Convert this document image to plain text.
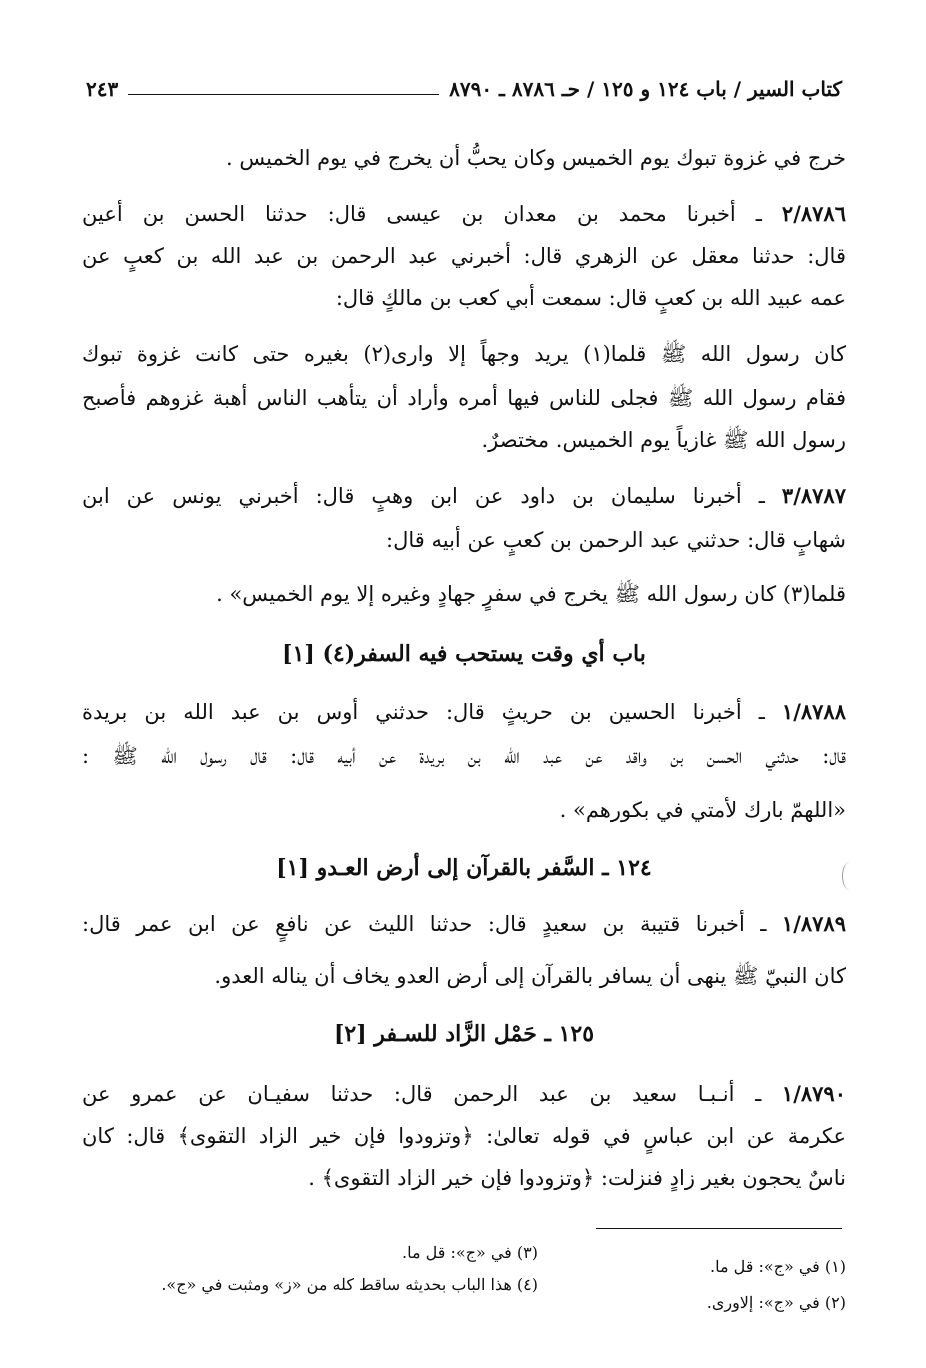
كتاب السير / باب ١٢٤ و ١٢٥ / حـ ٨٧٨٦ ـ ٨٧٩٠
٢٤٣
خرج في غزوة تبوك يوم الخميس وكان يحبُّ أن يخرج في يوم الخميس .
٢/٨٧٨٦ ـ أخبرنا محمد بن معدان بن عيسى قال: حدثنا الحسن بن أعين
قال: حدثنا معقل عن الزهري قال: أخبرني عبد الرحمن بن عبد الله بن كعبٍ عن
عمه عبيد الله بن كعبٍ قال: سمعت أبي كعب بن مالكٍ قال:
كان رسول الله ﷺ قلما(١) يريد وجهاً إلا وارى(٢) بغيره حتى كانت غزوة تبوك
فقام رسول الله ﷺ فجلى للناس فيها أمره وأراد أن يتأهب الناس أهبة غزوهم فأصبح
رسول الله ﷺ غازياً يوم الخميس. مختصرٌ.
٣/٨٧٨٧ ـ أخبرنا سليمان بن داود عن ابن وهبٍ قال: أخبرني يونس عن ابن
شهابٍ قال: حدثني عبد الرحمن بن كعبٍ عن أبيه قال:
قلما(٣) كان رسول الله ﷺ يخرج في سفرٍ جهادٍ وغيره إلا يوم الخميس» .
باب أي وقت يستحب فيه السفر(٤) [١]
١/٨٧٨٨ ـ أخبرنا الحسين بن حريثٍ قال: حدثني أوس بن عبد الله بن بريدة
قال: حدثني الحسن بن واقد عن عبد الله بن بريدة عن أبيه قال: قال رسول الله ﷺ :
«اللهمّ بارك لأمتي في بكورهم» .
١٢٤ ـ السَّفر بالقرآن إلى أرض العـدو [١]
١/٨٧٨٩ ـ أخبرنا قتيبة بن سعيدٍ قال: حدثنا الليث عن نافعٍ عن ابن عمر قال:
كان النبيّ ﷺ ينهى أن يسافر بالقرآن إلى أرض العدو يخاف أن يناله العدو.
١٢٥ ـ حَمْل الزَّاد للسـفر [٢]
١/٨٧٩٠ ـ أنـبـا سعيد بن عبد الرحمن قال: حدثنا سفيـان عن عمرو عن
عكرمة عن ابن عباسٍ في قوله تعالىٰ: ﴿وتزودوا فإن خير الزاد التقوى﴾ قال: كان
ناسٌ يحجون بغير زادٍ فنزلت: ﴿وتزودوا فإن خير الزاد التقوى﴾ .
(١) في «ج»: قل ما.
(٢) في «ج»: إلاورى.
(٣) في «ج»: قل ما.
(٤) هذا الباب بحديثه ساقط كله من «ز» ومثبت في «ج».
